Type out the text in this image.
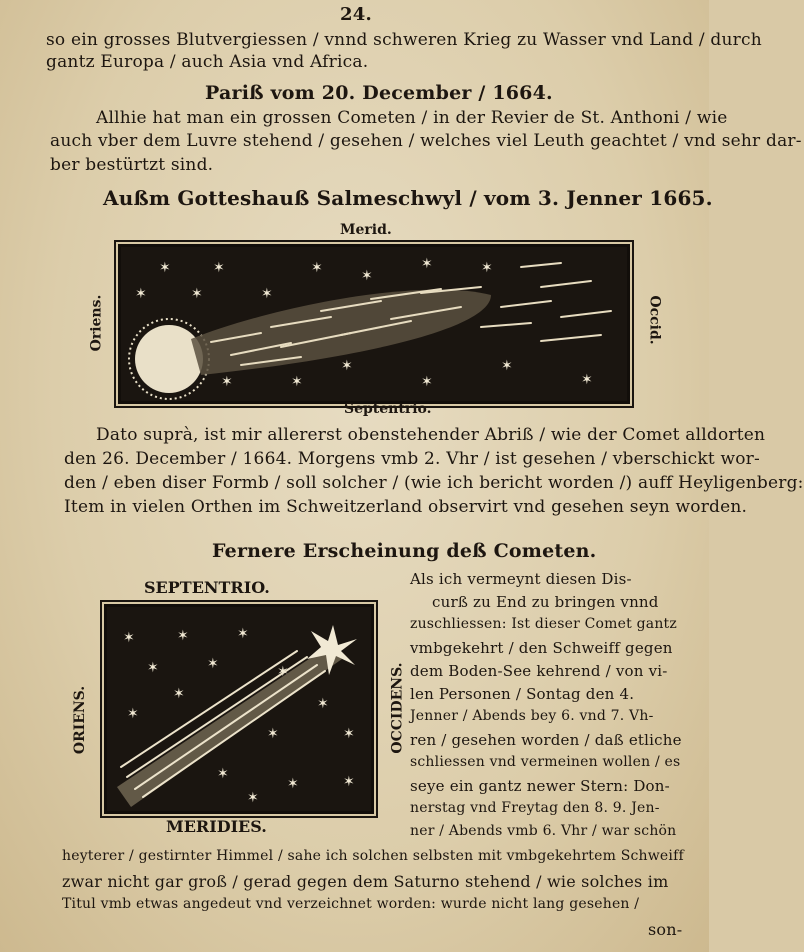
24.
so ein grosses Blutvergiessen / vnnd schweren Krieg zu Wasser vnd Land / durch
gantz Europa / auch Asia vnd Africa.
Pariß vom 20. December / 1664.
Allhie hat man ein grossen Cometen / in der Revier de St. Anthoni / wie
auch vber dem Luvre stehend / gesehen / welches viel Leuth geachtet / vnd sehr dar-
ber bestürtzt sind.
Außm Gotteshauß Salmeschwyl / vom 3. Jenner 1665.
Merid.
Oriens.	Occid.
✶
✶	✶
✶
✶	✶
✶	✶
✶
✶	✶
✶
✶
✶
✶
Septentrio.
Dato suprà, ist mir allererst obenstehender Abriß / wie der Comet alldorten
den 26. December / 1664. Morgens vmb 2. Vhr / ist gesehen / vberschickt wor-
den / eben diser Formb / soll solcher / (wie ich bericht worden /) auff Heyligenberg:
Item in vielen Orthen im Schweitzerland observirt vnd gesehen seyn worden.
Fernere Erscheinung deß Cometen.
SEPTENTRIO.
ORIENS.	OCCIDENS.
✶	✶	✶
✶	✶	✶
✶
✶
✶
✶	✶
✶
✶	✶
✶
MERIDIES.
Als ich vermeynt diesen Dis-
curß zu End zu bringen vnnd
zuschliessen: Ist dieser Comet gantz
vmbgekehrt / den Schweiff gegen
dem Boden-See kehrend / von vi-
len Personen / Sontag den 4.
Jenner / Abends bey 6. vnd 7. Vh-
ren / gesehen worden / daß etliche
schliessen vnd vermeinen wollen / es
seye ein gantz newer Stern: Don-
nerstag vnd Freytag den 8. 9. Jen-
ner / Abends vmb 6. Vhr / war schön
heyterer / gestirnter Himmel / sahe ich solchen selbsten mit vmbgekehrtem Schweiff
zwar nicht gar groß / gerad gegen dem Saturno stehend / wie solches im
Titul vmb etwas angedeut vnd verzeichnet worden: wurde nicht lang gesehen /
son-
